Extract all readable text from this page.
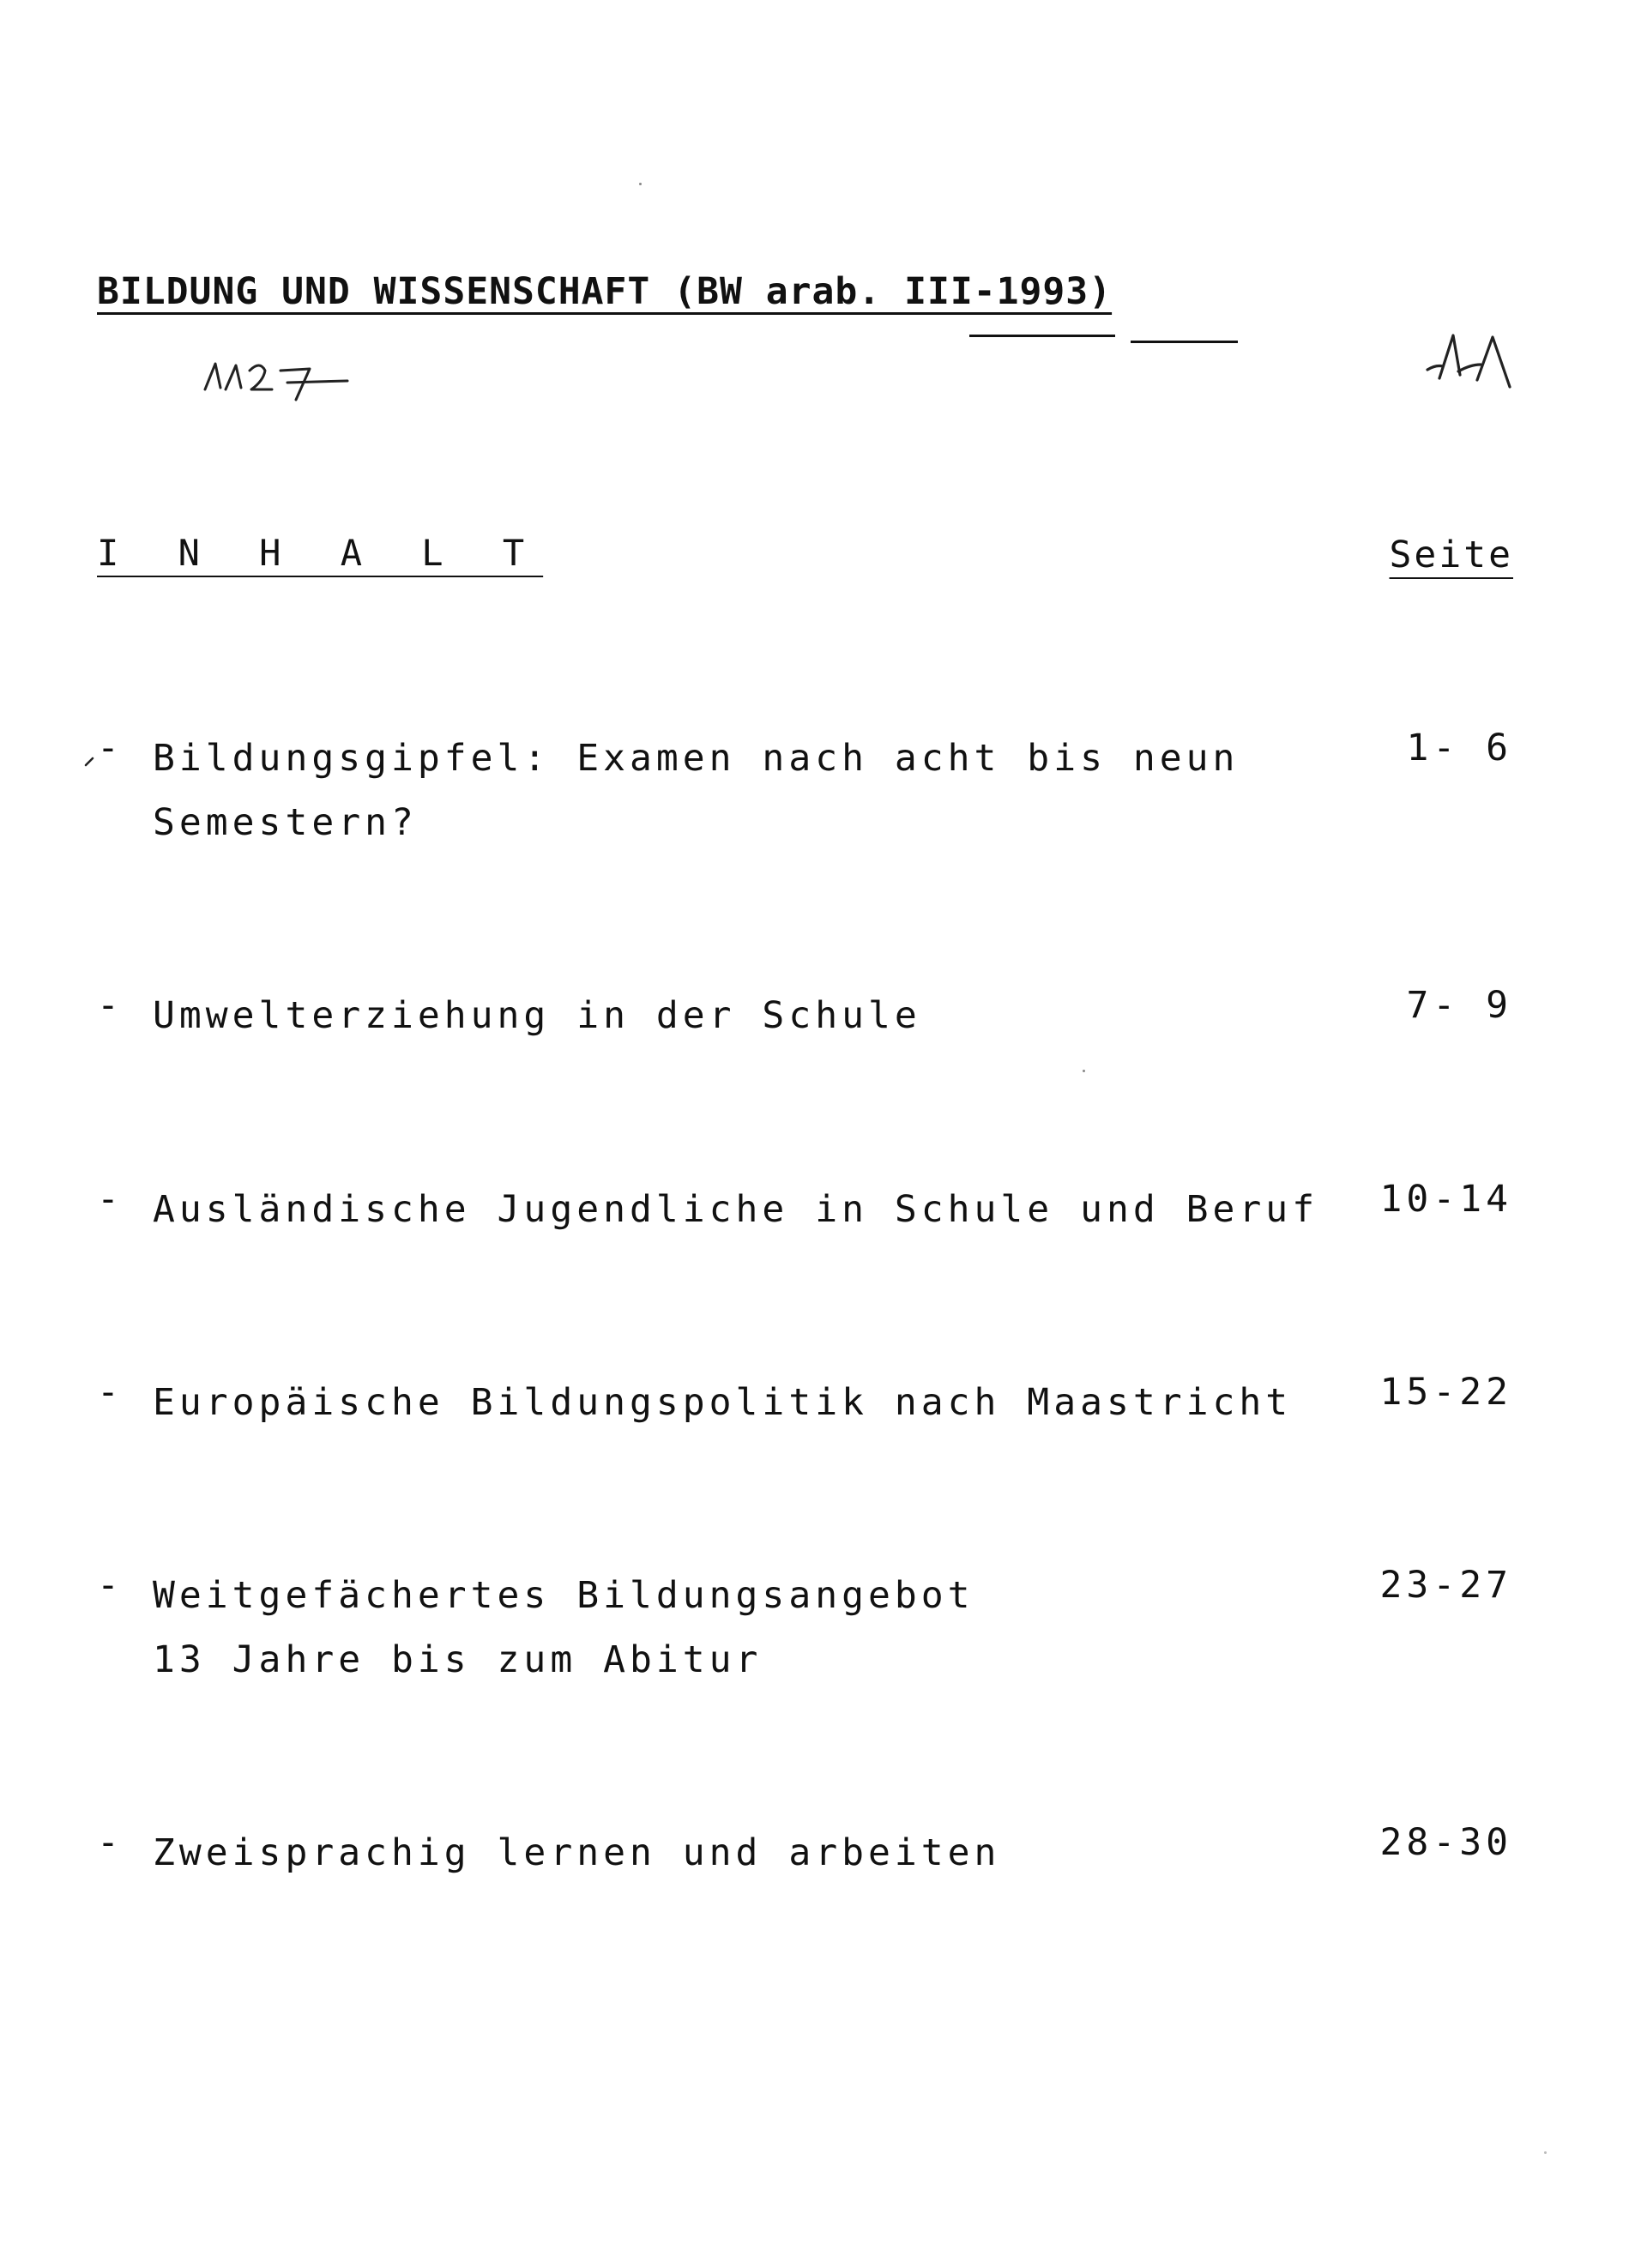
BILDUNG UND WISSENSCHAFT (BW arab. III-1993)
I N H A L T	Seite
- Bildungsgipfel: Examen nach acht bis neun
Semestern?
1- 6
- Umwelterziehung in der Schule	7- 9
- Ausländische Jugendliche in Schule und Beruf 10-14
- Europäische Bildungspolitik nach Maastricht 15-22
- Weitgefächertes Bildungsangebot
13 Jahre bis zum Abitur
23-27
- Zweisprachig lernen und arbeiten	28-30
